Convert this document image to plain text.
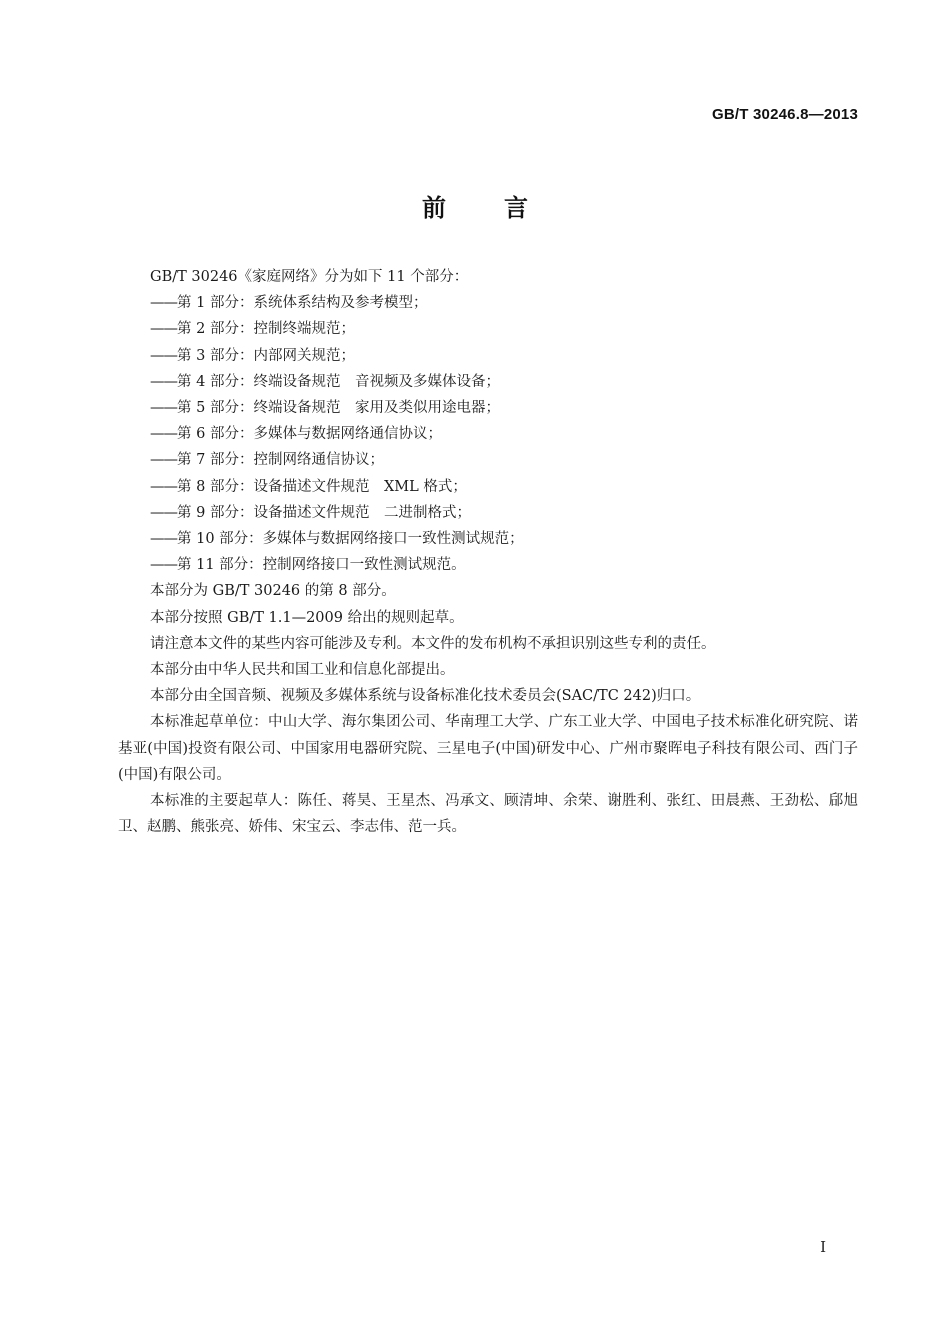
GB/T 30246.8—2013
前 言

GB/T 30246《家庭网络》分为如下 11 个部分：

——第 1 部分：系统体系结构及参考模型；

——第 2 部分：控制终端规范；

——第 3 部分：内部网关规范；

——第 4 部分：终端设备规范　音视频及多媒体设备；

——第 5 部分：终端设备规范　家用及类似用途电器；

——第 6 部分：多媒体与数据网络通信协议；

——第 7 部分：控制网络通信协议；

——第 8 部分：设备描述文件规范　XML 格式；

——第 9 部分：设备描述文件规范　二进制格式；

——第 10 部分：多媒体与数据网络接口一致性测试规范；

——第 11 部分：控制网络接口一致性测试规范。

本部分为 GB/T 30246 的第 8 部分。

本部分按照 GB/T 1.1—2009 给出的规则起草。

请注意本文件的某些内容可能涉及专利。本文件的发布机构不承担识别这些专利的责任。

本部分由中华人民共和国工业和信息化部提出。

本部分由全国音频、视频及多媒体系统与设备标准化技术委员会(SAC/TC 242)归口。

本标准起草单位：中山大学、海尔集团公司、华南理工大学、广东工业大学、中国电子技术标准化研究院、诺基亚(中国)投资有限公司、中国家用电器研究院、三星电子(中国)研发中心、广州市聚晖电子科技有限公司、西门子(中国)有限公司。

本标准的主要起草人：陈任、蒋昊、王星杰、冯承文、顾清坤、余荣、谢胜利、张红、田晨燕、王劲松、郈旭卫、赵鹏、熊张亮、娇伟、宋宝云、李志伟、范一兵。

I
